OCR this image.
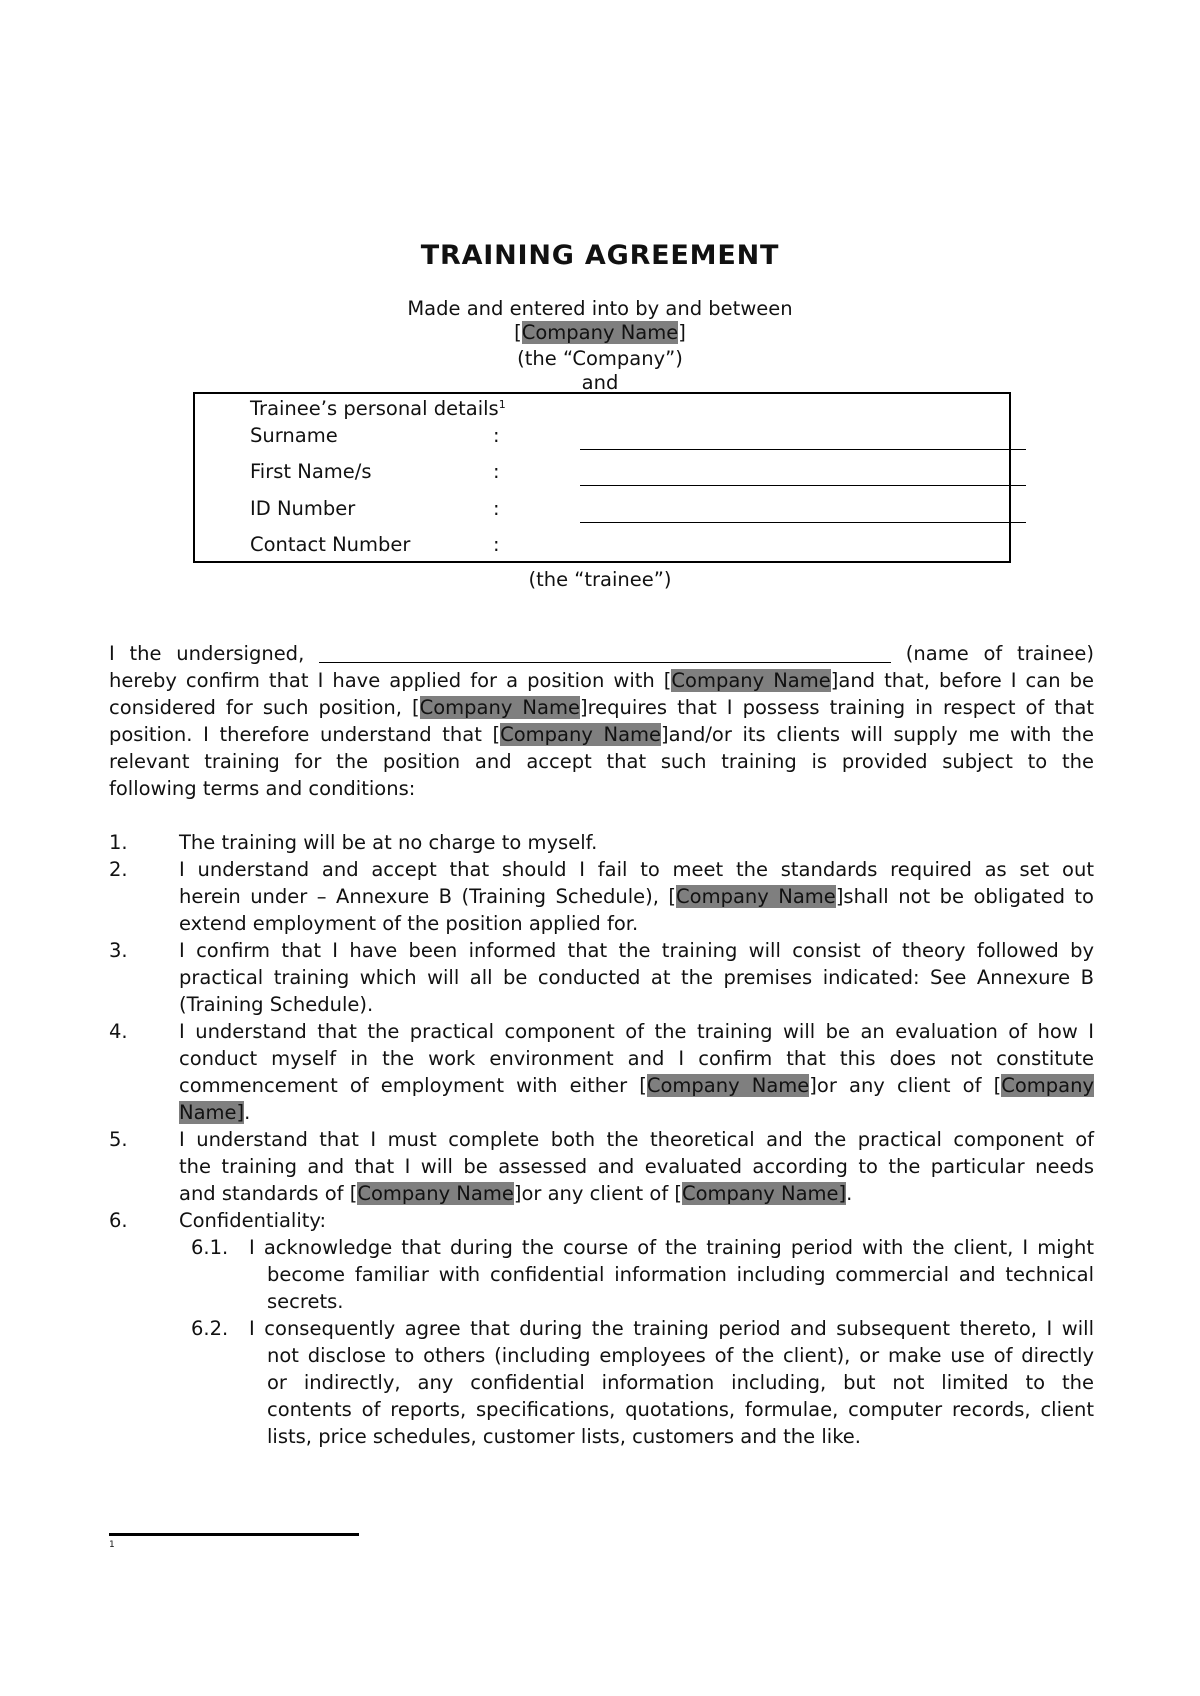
TRAINING AGREEMENT
Made and entered into by and between
[Company Name]
(the “Company”)
and
Trainee’s personal details$^1$
Surname	:
First Name/s	:
ID Number	:
Contact Number	:
(the “trainee”)
I the undersigned,	(name of trainee)
hereby confirm that I have applied for a position with [Company Name]and that, before I can be
considered for such position, [Company Name]requires that I possess training in respect of that
position. I therefore understand that [Company Name]and/or its clients will supply me with the
relevant training for the position and accept that such training is provided subject to the
following terms and conditions:
1.	The training will be at no charge to myself.
2.	I understand and accept that should I fail to meet the standards required as set out
herein under – Annexure B (Training Schedule), [Company Name]shall not be obligated to
extend employment of the position applied for.
3.	I confirm that I have been informed that the training will consist of theory followed by
practical training which will all be conducted at the premises indicated: See Annexure B
(Training Schedule).
4.	I understand that the practical component of the training will be an evaluation of how I
conduct myself in the work environment and I confirm that this does not constitute
commencement of employment with either [Company Name]or any client of [Company
Name].
5.	I understand that I must complete both the theoretical and the practical component of
the training and that I will be assessed and evaluated according to the particular needs
and standards of [Company Name]or any client of [Company Name].
6.	Confidentiality:
6.1. I acknowledge that during the course of the training period with the client, I might
become familiar with confidential information including commercial and technical
secrets.
6.2. I consequently agree that during the training period and subsequent thereto, I will
not disclose to others (including employees of the client), or make use of directly
or indirectly, any confidential information including, but not limited to the
contents of reports, specifications, quotations, formulae, computer records, client
lists, price schedules, customer lists, customers and the like.
1
